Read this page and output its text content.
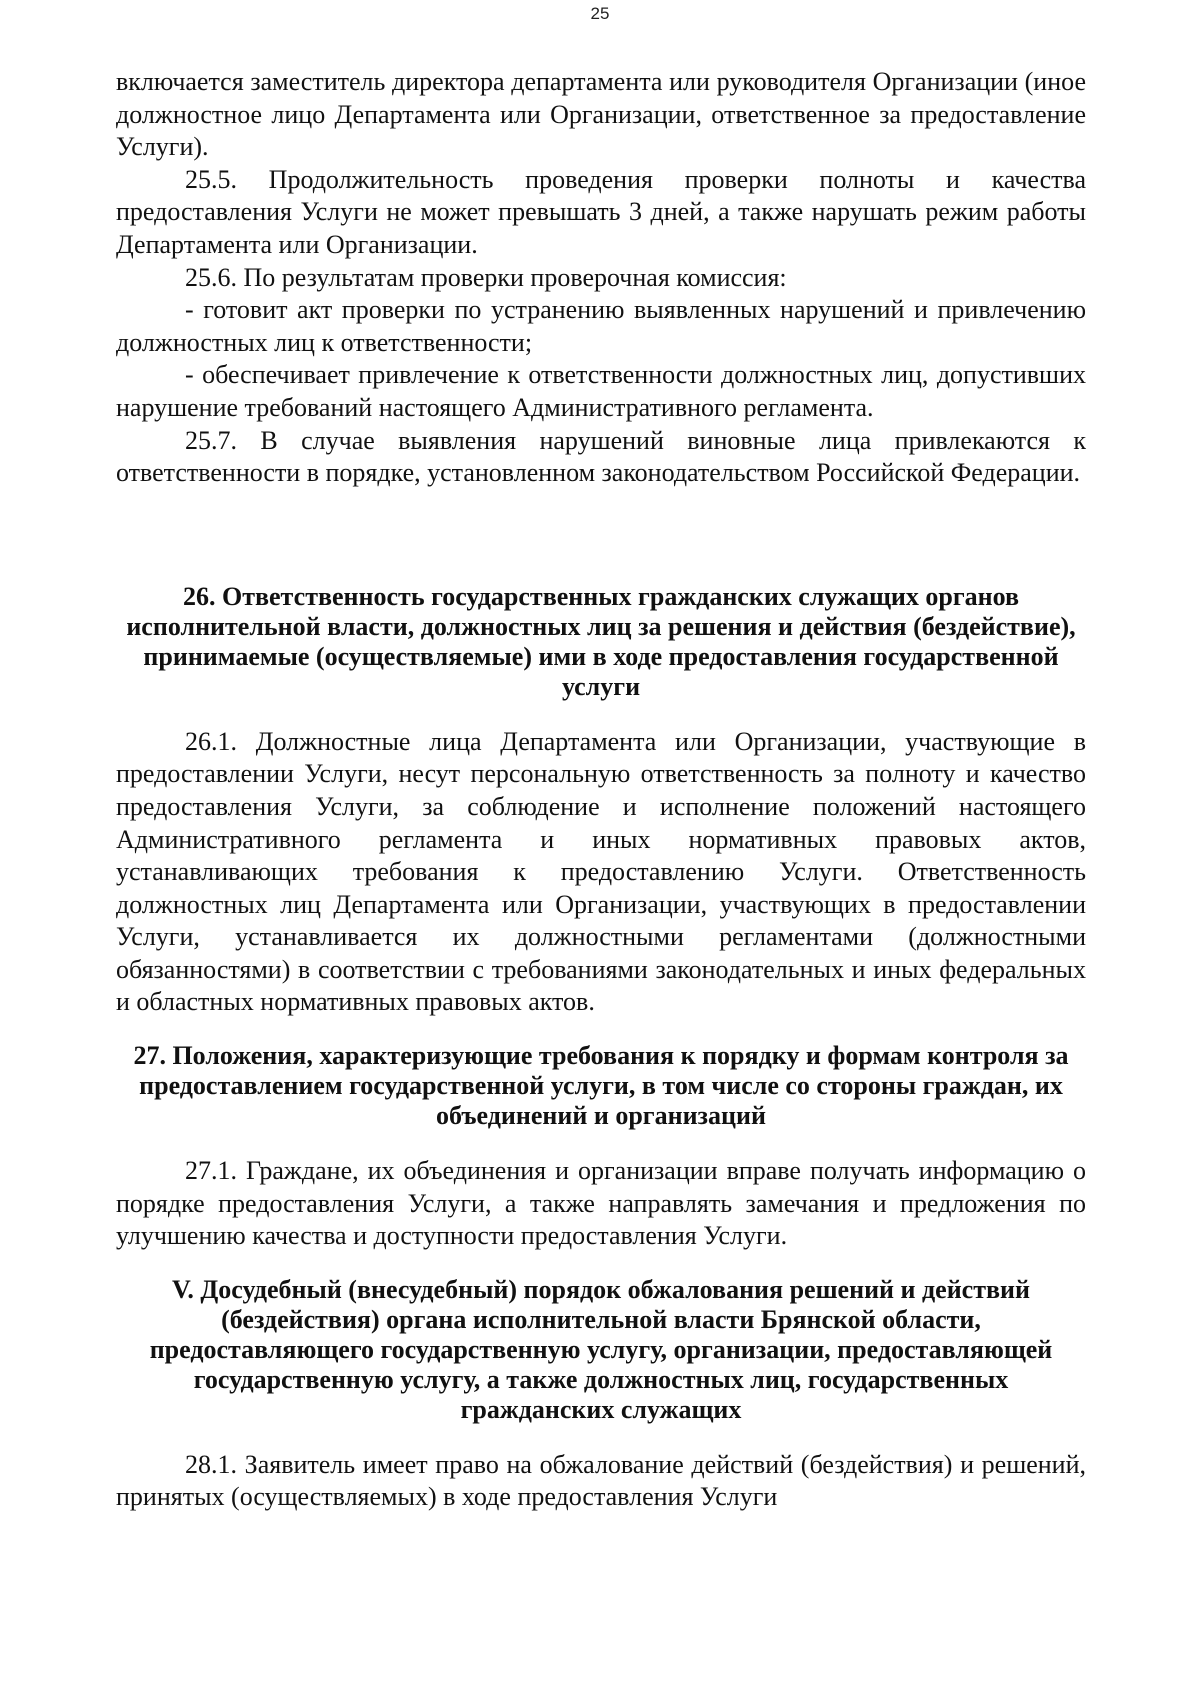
25

включается заместитель директора департамента или руководителя Организации (иное должностное лицо Департамента или Организации, ответственное за предоставление Услуги).

25.5. Продолжительность проведения проверки полноты и качества предоставления Услуги не может превышать 3 дней, а также нарушать режим работы Департамента или Организации.

25.6. По результатам проверки проверочная комиссия:

- готовит акт проверки по устранению выявленных нарушений и привлечению должностных лиц к ответственности;

- обеспечивает привлечение к ответственности должностных лиц, допустивших нарушение требований настоящего Административного регламента.

25.7. В случае выявления нарушений виновные лица привлекаются к ответственности в порядке, установленном законодательством Российской Федерации.

26. Ответственность государственных гражданских служащих органов исполнительной власти, должностных лиц за решения и действия (бездействие), принимаемые (осуществляемые) ими в ходе предоставления государственной услуги

26.1. Должностные лица Департамента или Организации, участвующие в предоставлении Услуги, несут персональную ответственность за полноту и качество предоставления Услуги, за соблюдение и исполнение положений настоящего Административного регламента и иных нормативных правовых актов, устанавливающих требования к предоставлению Услуги. Ответственность должностных лиц Департамента или Организации, участвующих в предоставлении Услуги, устанавливается их должностными регламентами (должностными обязанностями) в соответствии с требованиями законодательных и иных федеральных и областных нормативных правовых актов.

27. Положения, характеризующие требования к порядку и формам контроля за предоставлением государственной услуги, в том числе со стороны граждан, их объединений и организаций

27.1. Граждане, их объединения и организации вправе получать информацию о порядке предоставления Услуги, а также направлять замечания и предложения по улучшению качества и доступности предоставления Услуги.

V. Досудебный (внесудебный) порядок обжалования решений и действий (бездействия) органа исполнительной власти Брянской области, предоставляющего государственную услугу, организации, предоставляющей государственную услугу, а также должностных лиц, государственных гражданских служащих

28.1. Заявитель имеет право на обжалование действий (бездействия) и решений, принятых (осуществляемых) в ходе предоставления Услуги
